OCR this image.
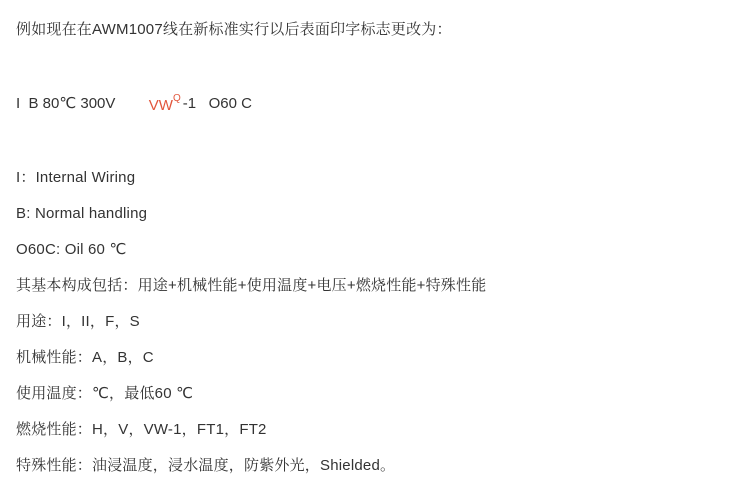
例如现在在AWM1007线在新标准实行以后表面印字标志更改为：
I  B 80℃ 300V	$VW^Q$
-1 O60 C
I：Internal Wiring
B: Normal handling
O60C: Oil 60 ℃
其基本构成包括：用途+机械性能+使用温度+电压+燃烧性能+特殊性能
用途：I，II，F，S
机械性能：A，B，C
使用温度：℃，最低60 ℃
燃烧性能：H，V，VW-1，FT1，FT2
特殊性能：油浸温度，浸水温度，防紫外光，Shielded。
